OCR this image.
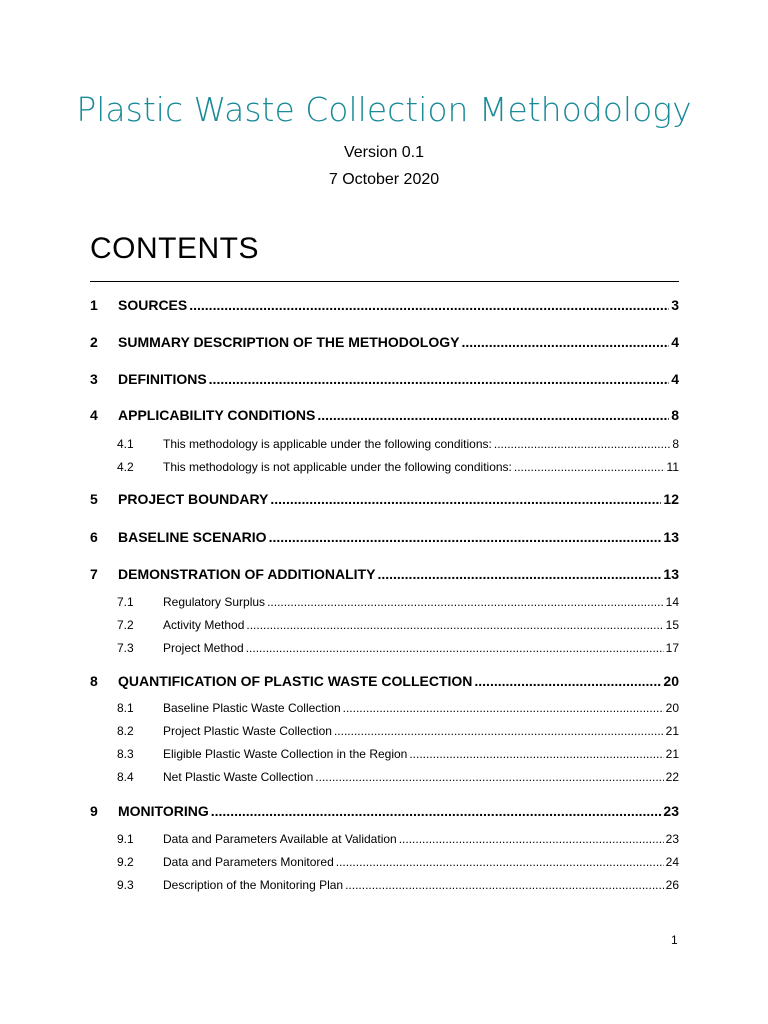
Plastic Waste Collection Methodology
Version 0.1
7 October 2020
CONTENTS
1	SOURCES .....	3
2	SUMMARY DESCRIPTION OF THE METHODOLOGY .....	4
3	DEFINITIONS .....	4
4	APPLICABILITY CONDITIONS .....	8
4.1	This methodology is applicable under the following conditions: .....	8
4.2	This methodology is not applicable under the following conditions: .....	11
5	PROJECT BOUNDARY .....	12
6	BASELINE SCENARIO .....	13
7	DEMONSTRATION OF ADDITIONALITY .....	13
7.1	Regulatory Surplus .....	14
7.2	Activity Method .....	15
7.3	Project Method .....	17
8	QUANTIFICATION OF PLASTIC WASTE COLLECTION .....	20
8.1	Baseline Plastic Waste Collection .....	20
8.2	Project Plastic Waste Collection .....	21
8.3	Eligible Plastic Waste Collection in the Region .....	21
8.4	Net Plastic Waste Collection .....	22
9	MONITORING .....	23
9.1	Data and Parameters Available at Validation .....	23
9.2	Data and Parameters Monitored .....	24
9.3	Description of the Monitoring Plan .....	26
1
